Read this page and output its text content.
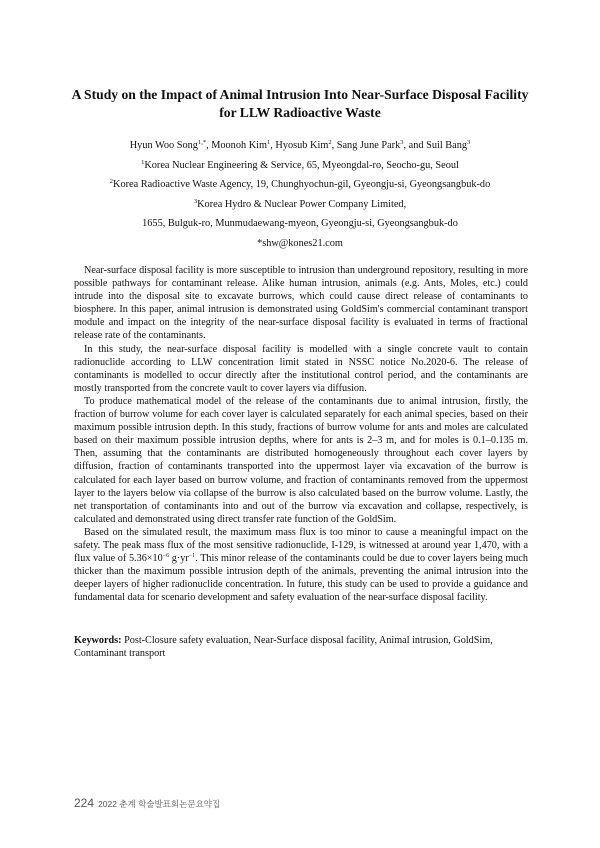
A Study on the Impact of Animal Intrusion Into Near-Surface Disposal Facility
for LLW Radioactive Waste
Hyun Woo Song$^{1,*}$, Moonoh Kim$^1$, Hyosub Kim$^2$, Sang June Park$^3$, and Suil Bang$^3$
$^1$Korea Nuclear Engineering & Service, 65, Myeongdal-ro, Seocho-gu, Seoul
$^2$Korea Radioactive Waste Agency, 19, Chunghyochun-gil, Gyeongju-si, Gyeongsangbuk-do
$^3$Korea Hydro & Nuclear Power Company Limited,
1655, Bulguk-ro, Munmudaewang-myeon, Gyeongju-si, Gyeongsangbuk-do
*shw@kones21.com

Near-surface disposal facility is more susceptible to intrusion than underground repository, resulting in more possible pathways for contaminant release. Alike human intrusion, animals (e.g. Ants, Moles, etc.) could intrude into the disposal site to excavate burrows, which could cause direct release of contaminants to biosphere. In this paper, animal intrusion is demonstrated using GoldSim's commercial contaminant transport module and impact on the integrity of the near-surface disposal facility is evaluated in terms of fractional release rate of the contaminants.

In this study, the near-surface disposal facility is modelled with a single concrete vault to contain radionuclide according to LLW concentration limit stated in NSSC notice No.2020-6. The release of contaminants is modelled to occur directly after the institutional control period, and the contaminants are mostly transported from the concrete vault to cover layers via diffusion.

To produce mathematical model of the release of the contaminants due to animal intrusion, firstly, the fraction of burrow volume for each cover layer is calculated separately for each animal species, based on their maximum possible intrusion depth. In this study, fractions of burrow volume for ants and moles are calculated based on their maximum possible intrusion depths, where for ants is 2–3 m, and for moles is 0.1–0.135 m. Then, assuming that the contaminants are distributed homogeneously throughout each cover layers by diffusion, fraction of contaminants transported into the uppermost layer via excavation of the burrow is calculated for each layer based on burrow volume, and fraction of contaminants removed from the uppermost layer to the layers below via collapse of the burrow is also calculated based on the burrow volume. Lastly, the net transportation of contaminants into and out of the burrow via excavation and collapse, respectively, is calculated and demonstrated using direct transfer rate function of the GoldSim.

Based on the simulated result, the maximum mass flux is too minor to cause a meaningful impact on the safety. The peak mass flux of the most sensitive radionuclide, I-129, is witnessed at around year 1,470, with a flux value of $5.36\times 10^{-6}$ $g\cdot yr^{-1}$. This minor release of the contaminants could be due to cover layers being much thicker than the maximum possible intrusion depth of the animals, preventing the animal intrusion into the deeper layers of higher radionuclide concentration. In future, this study can be used to provide a guidance and fundamental data for scenario development and safety evaluation of the near-surface disposal facility.

Keywords: Post-Closure safety evaluation, Near-Surface disposal facility, Animal intrusion, GoldSim, Contaminant transport
224 2022 춘계 학술발표회논문요약집
